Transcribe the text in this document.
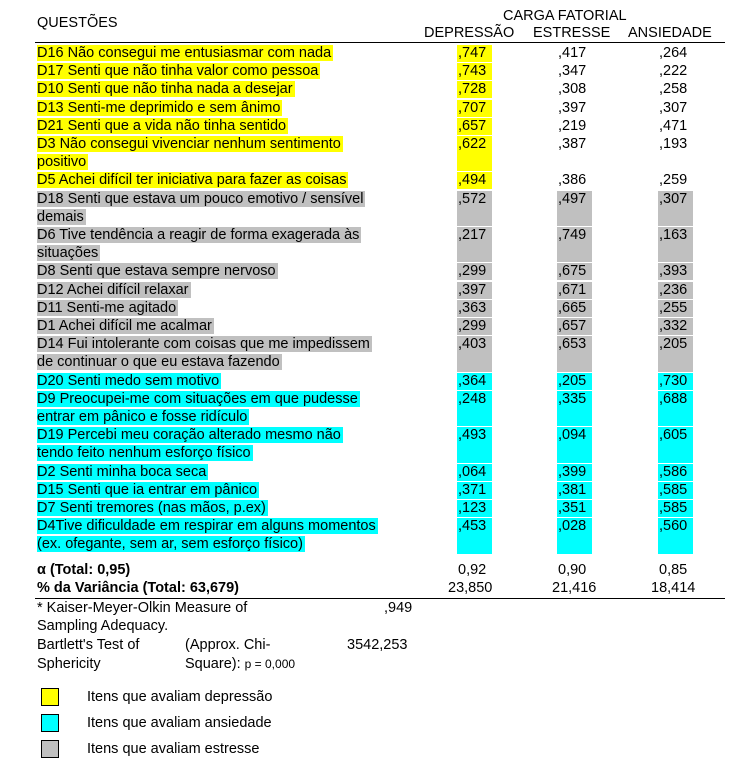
QUESTÕES	CARGA FATORIAL
DEPRESSÃO ESTRESSE ANSIEDADE
D16 Não consegui me entusiasmar com nada	,747	,417	,264
D17 Senti que não tinha valor como pessoa	,743	,347	,222
D10 Senti que não tinha nada a desejar	,728	,308	,258
D13 Senti-me deprimido e sem ânimo	,707	,397	,307
D21 Senti que a vida não tinha sentido	,657	,219	,471
D3 Não consegui vivenciar nenhum sentimento
positivo
,622	,387	,193
D5 Achei difícil ter iniciativa para fazer as coisas	,494	,386	,259
D18 Senti que estava um pouco emotivo / sensível
demais
,572	,497	,307
D6 Tive tendência a reagir de forma exagerada às
situações
,217	,749	,163
D8 Senti que estava sempre nervoso	,299	,675	,393
D12 Achei difícil relaxar	,397	,671	,236
D11 Senti-me agitado	,363	,665	,255
D1 Achei difícil me acalmar	,299	,657	,332
D14 Fui intolerante com coisas que me impedissem
de continuar o que eu estava fazendo
,403	,653	,205
D20 Senti medo sem motivo	,364	,205	,730
D9 Preocupei-me com situações em que pudesse
entrar em pânico e fosse ridículo
,248	,335	,688
D19 Percebi meu coração alterado mesmo não
tendo feito nenhum esforço físico
,493	,094	,605
D2 Senti minha boca seca	,064	,399	,586
D15 Senti que ia entrar em pânico	,371	,381	,585
D7 Senti tremores (nas mãos, p.ex)	,123	,351	,585
D4Tive dificuldade em respirar em alguns momentos
(ex. ofegante, sem ar, sem esforço físico)
,453	,028	,560
α (Total: 0,95)	0,92	0,90	0,85
% da Variância (Total: 63,679)	23,850	21,416	18,414
* Kaiser-Meyer-Olkin Measure of	,949
Sampling Adequacy.
Bartlett's Test of
Sphericity
(Approx. Chi-
Square): p = 0,000
3542,253
Itens que avaliam depressão
Itens que avaliam ansiedade
Itens que avaliam estresse
